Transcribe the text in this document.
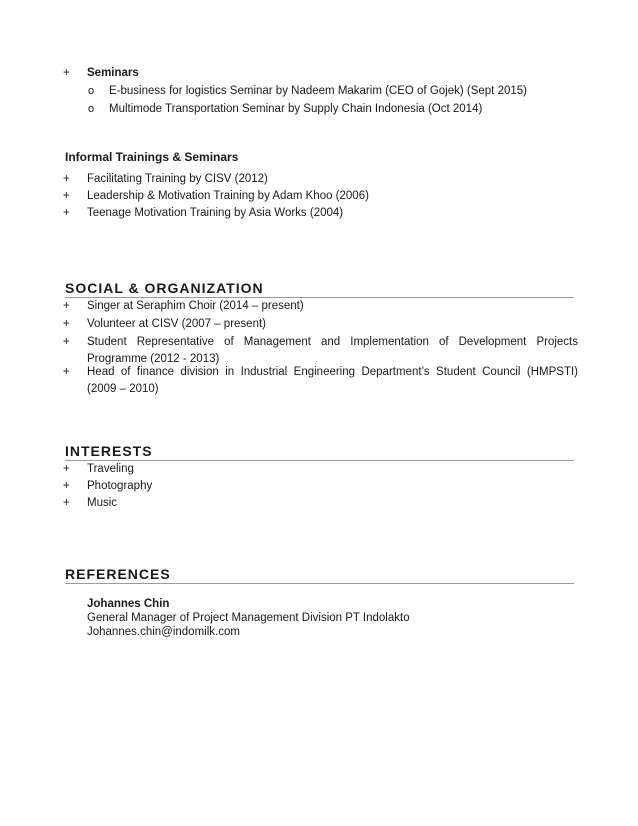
+	Seminars
o E-business for logistics Seminar by Nadeem Makarim (CEO of Gojek) (Sept 2015)
o Multimode Transportation Seminar by Supply Chain Indonesia (Oct 2014)
Informal Trainings & Seminars
+	Facilitating Training by CISV (2012)
+	Leadership & Motivation Training by Adam Khoo (2006)
+	Teenage Motivation Training by Asia Works (2004)
SOCIAL & ORGANIZATION
+	Singer at Seraphim Choir (2014 – present)
+	Volunteer at CISV (2007 – present)
+	Student Representative of Management and Implementation of Development Projects Programme (2012 - 2013)
+	Head of finance division in Industrial Engineering Department’s Student Council (HMPSTI) (2009 – 2010)
INTERESTS
+	Traveling
+	Photography
+	Music
REFERENCES
Johannes Chin
General Manager of Project Management Division PT Indolakto
Johannes.chin@indomilk.com
